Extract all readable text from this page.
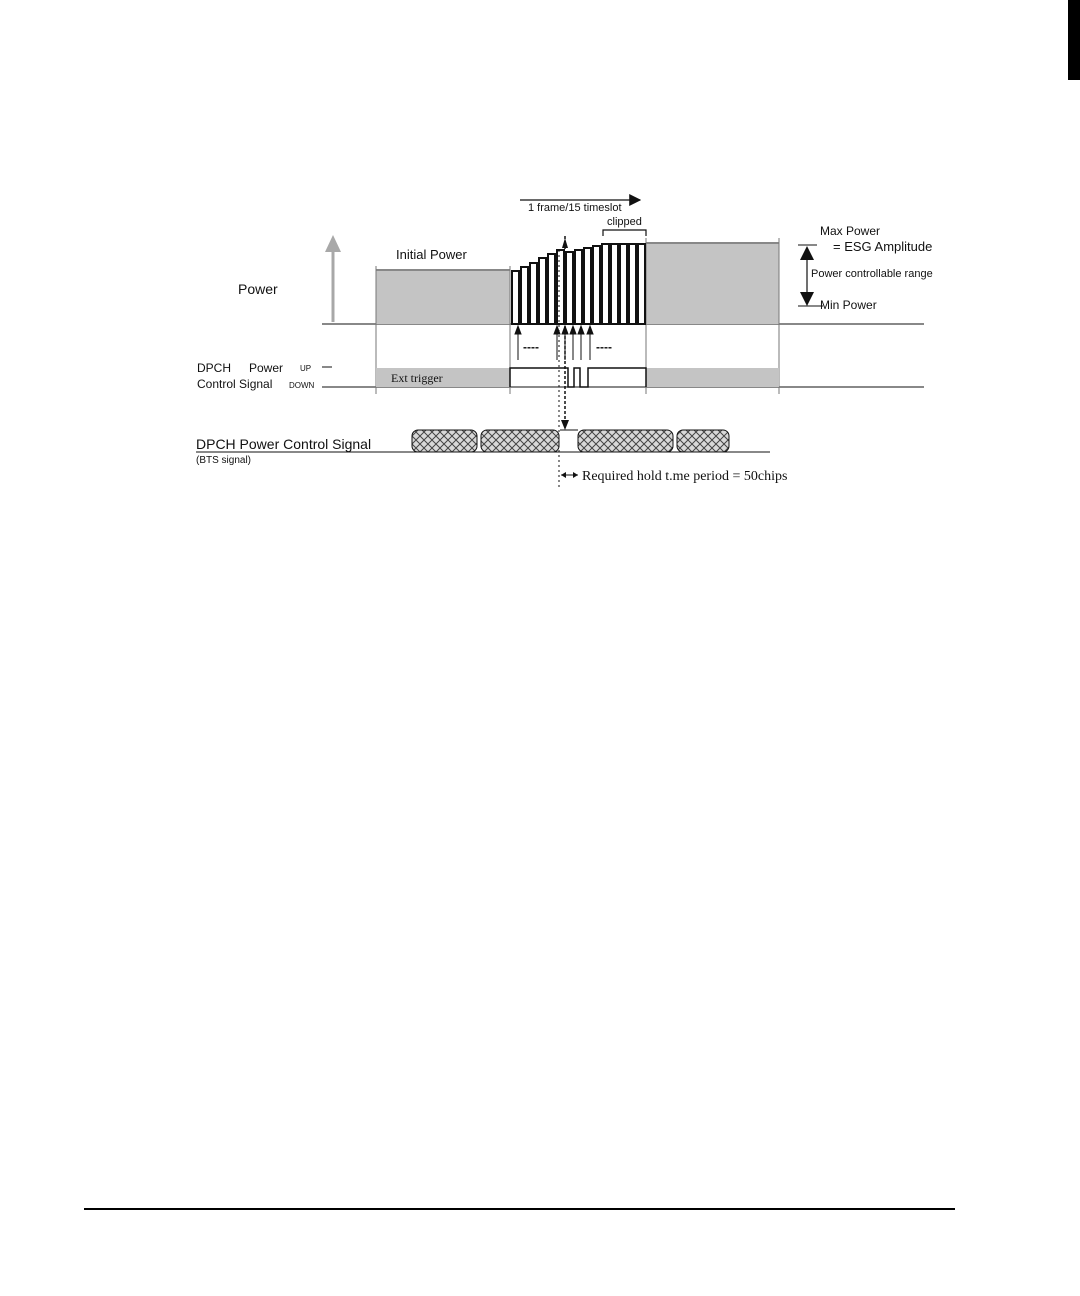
Power
Initial Power
1 frame/15 timeslot
clipped
Max Power
= ESG Amplitude
Power controllable range
Min Power
DPCH Power UP
Control Signal DOWN
Ext trigger
----	----
DPCH Power Control Signal
(BTS signal)
Required hold t.me period = 50chips
